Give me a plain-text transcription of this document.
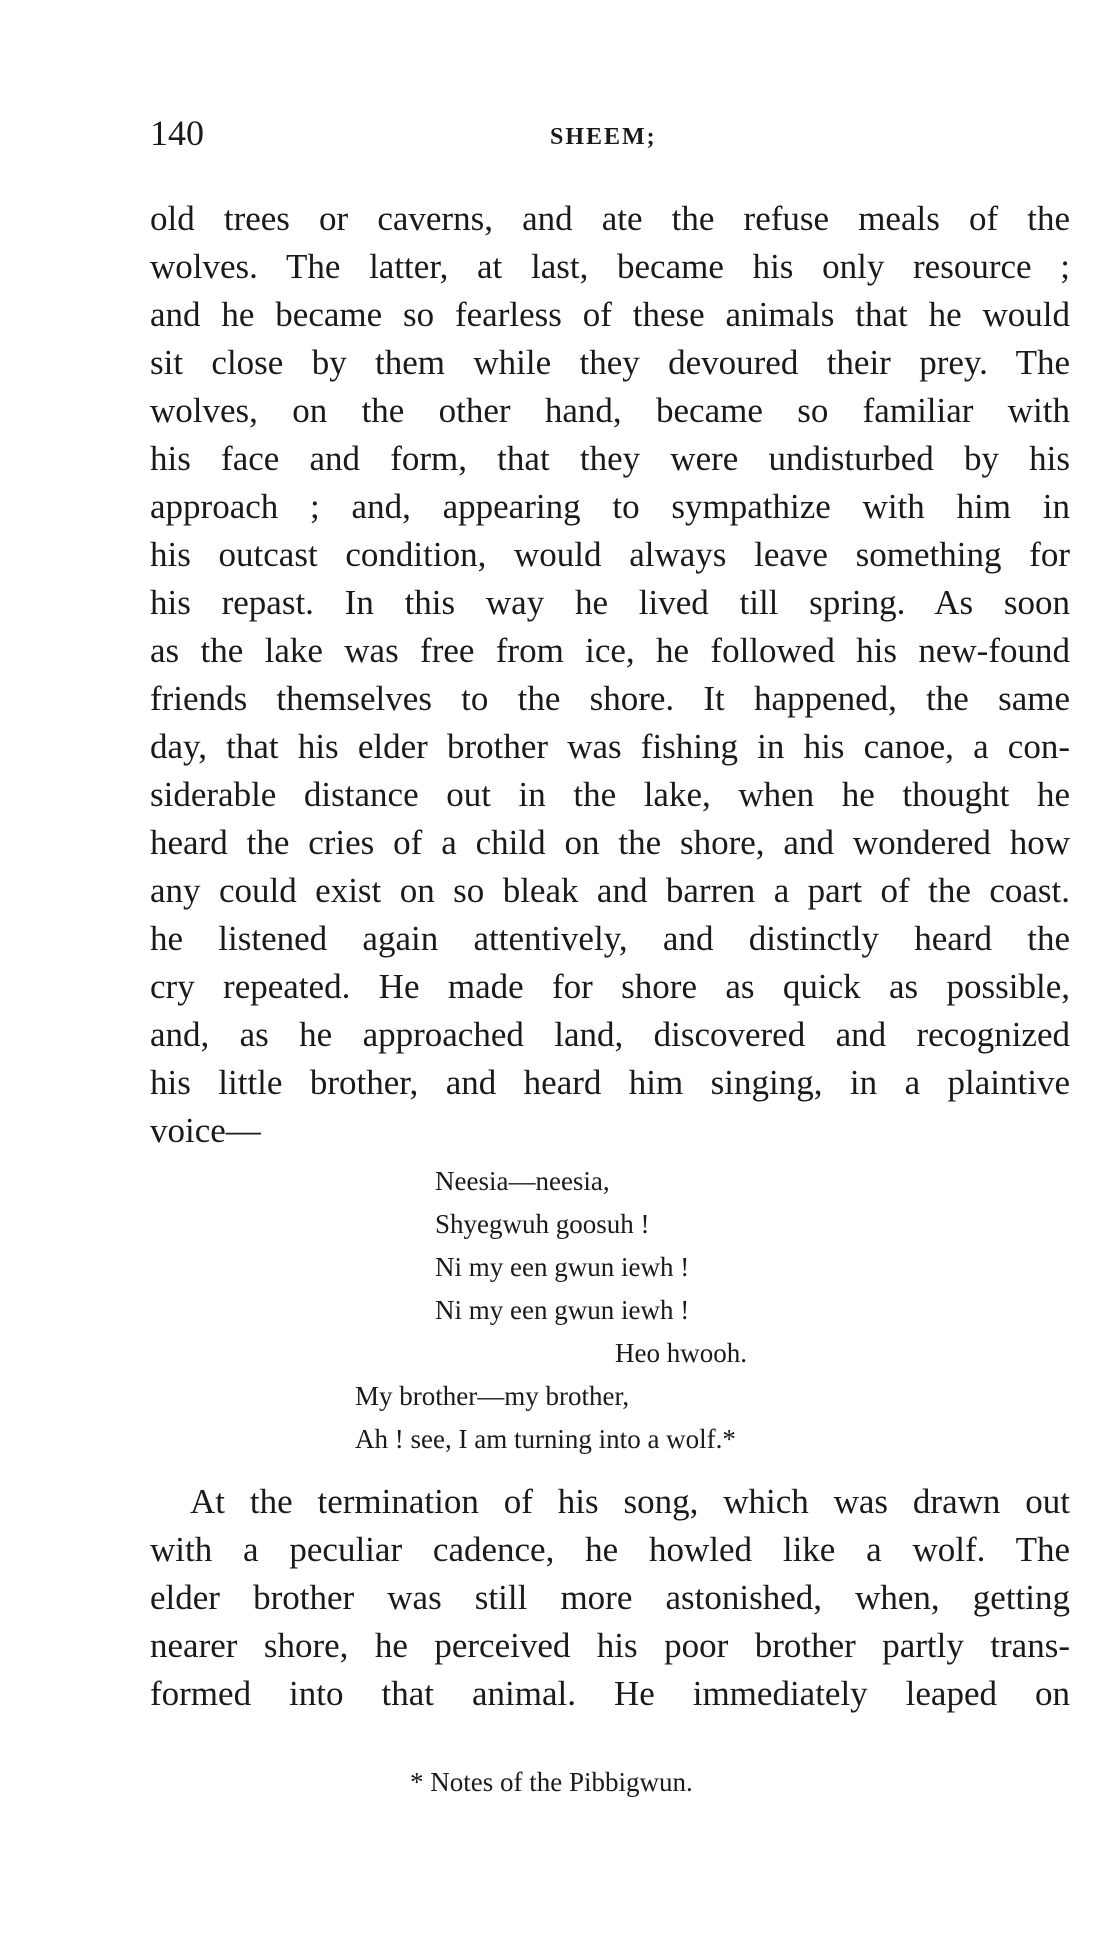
140	SHEEM;
old trees or caverns, and ate the refuse meals of the
wolves. The latter, at last, became his only resource ;
and he became so fearless of these animals that he would
sit close by them while they devoured their prey. The
wolves, on the other hand, became so familiar with
his face and form, that they were undisturbed by his
approach ; and, appearing to sympathize with him in
his outcast condition, would always leave something for
his repast. In this way he lived till spring. As soon
as the lake was free from ice, he followed his new-found
friends themselves to the shore. It happened, the same
day, that his elder brother was fishing in his canoe, a con-
siderable distance out in the lake, when he thought he
heard the cries of a child on the shore, and wondered how
any could exist on so bleak and barren a part of the coast.
he listened again attentively, and distinctly heard the
cry repeated. He made for shore as quick as possible,
and, as he approached land, discovered and recognized
his little brother, and heard him singing, in a plaintive
voice—
Neesia—neesia,
Shyegwuh goosuh !
Ni my een gwun iewh !
Ni my een gwun iewh !
Heo hwooh.
My brother—my brother,
Ah ! see, I am turning into a wolf.*
At the termination of his song, which was drawn out
with a peculiar cadence, he howled like a wolf. The
elder brother was still more astonished, when, getting
nearer shore, he perceived his poor brother partly trans-
formed into that animal. He immediately leaped on
* Notes of the Pibbigwun.
